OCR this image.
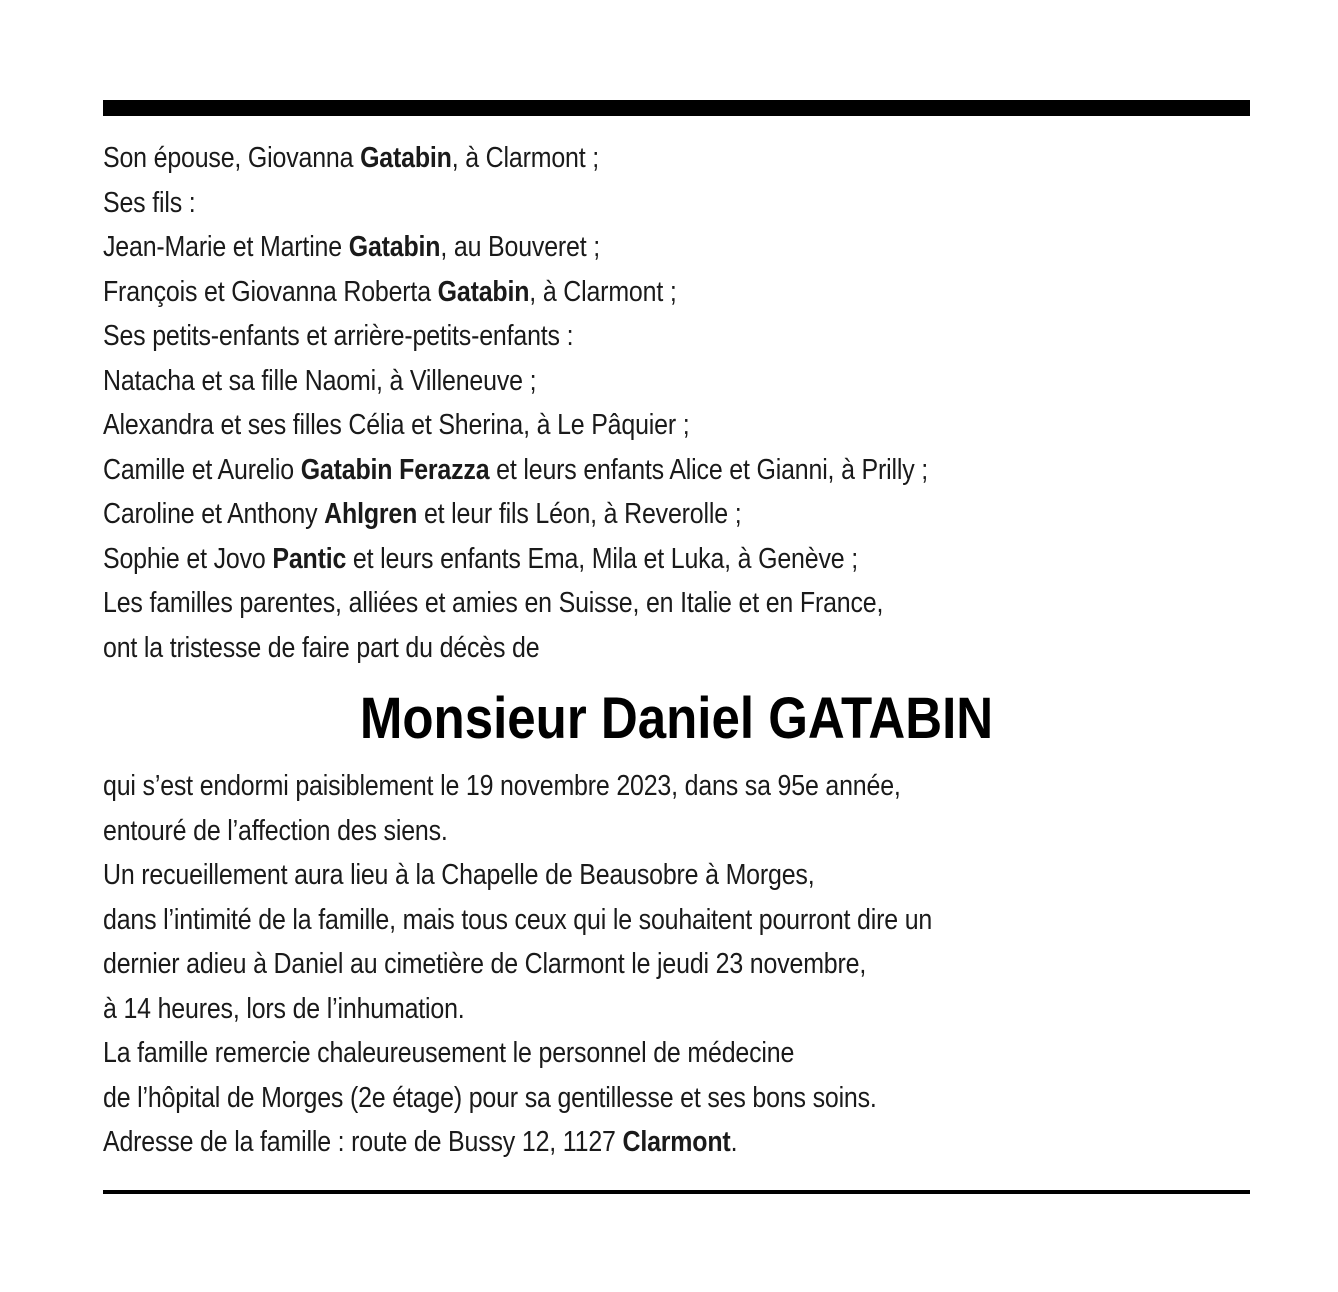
Son épouse, Giovanna Gatabin, à Clarmont ;
Ses fils :
Jean-Marie et Martine Gatabin, au Bouveret ;
François et Giovanna Roberta Gatabin, à Clarmont ;
Ses petits-enfants et arrière-petits-enfants :
Natacha et sa fille Naomi, à Villeneuve ;
Alexandra et ses filles Célia et Sherina, à Le Pâquier ;
Camille et Aurelio Gatabin Ferazza et leurs enfants Alice et Gianni, à Prilly ;
Caroline et Anthony Ahlgren et leur fils Léon, à Reverolle ;
Sophie et Jovo Pantic et leurs enfants Ema, Mila et Luka, à Genève ;
Les familles parentes, alliées et amies en Suisse, en Italie et en France,
ont la tristesse de faire part du décès de
Monsieur Daniel GATABIN
qui s’est endormi paisiblement le 19 novembre 2023, dans sa 95e année,
entouré de l’affection des siens.
Un recueillement aura lieu à la Chapelle de Beausobre à Morges,
dans l’intimité de la famille, mais tous ceux qui le souhaitent pourront dire un
dernier adieu à Daniel au cimetière de Clarmont le jeudi 23 novembre,
à 14 heures, lors de l’inhumation.
La famille remercie chaleureusement le personnel de médecine
de l’hôpital de Morges (2e étage) pour sa gentillesse et ses bons soins.
Adresse de la famille : route de Bussy 12, 1127 Clarmont.
